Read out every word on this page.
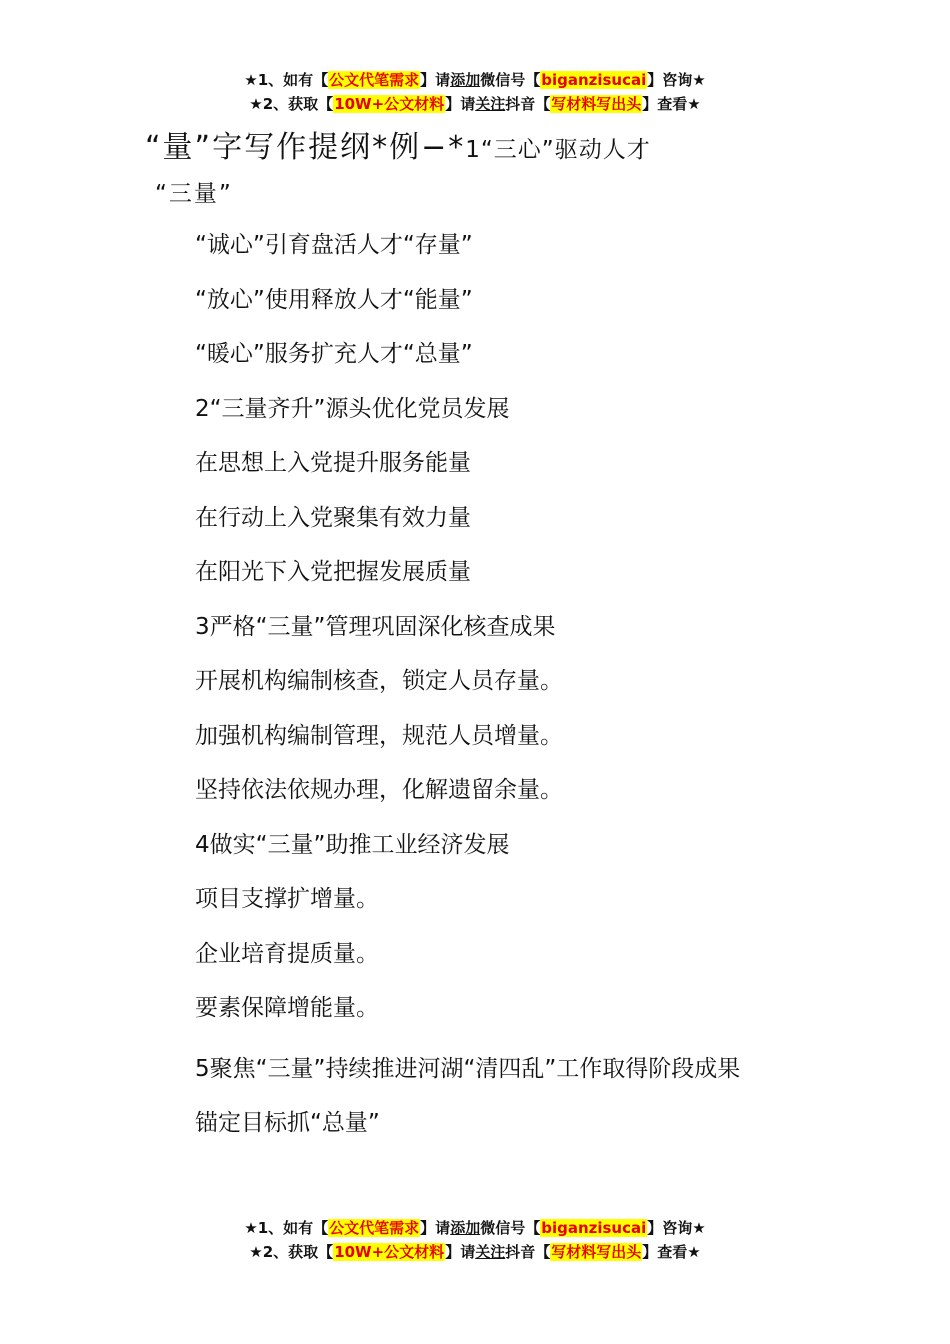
★1、如有【公文代笔需求】请添加微信号【biganzisucai】咨询★
★2、获取【10W+公文材料】请关注抖音【写材料写出头】查看★
“量”字写作提纲*例−*1“三心”驱动人才
“三量”

“诚心”引育盘活人才“存量”

“放心”使用释放人才“能量”

“暖心”服务扩充人才“总量”

2“三量齐升”源头优化党员发展

在思想上入党提升服务能量

在行动上入党聚集有效力量

在阳光下入党把握发展质量

3严格“三量”管理巩固深化核查成果

开展机构编制核查，锁定人员存量。

加强机构编制管理，规范人员增量。

坚持依法依规办理，化解遗留余量。

4做实“三量”助推工业经济发展

项目支撑扩增量。

企业培育提质量。

要素保障增能量。

5聚焦“三量”持续推进河湖“清四乱”工作取得阶段成果

锚定目标抓“总量”

★1、如有【公文代笔需求】请添加微信号【biganzisucai】咨询★
★2、获取【10W+公文材料】请关注抖音【写材料写出头】查看★
